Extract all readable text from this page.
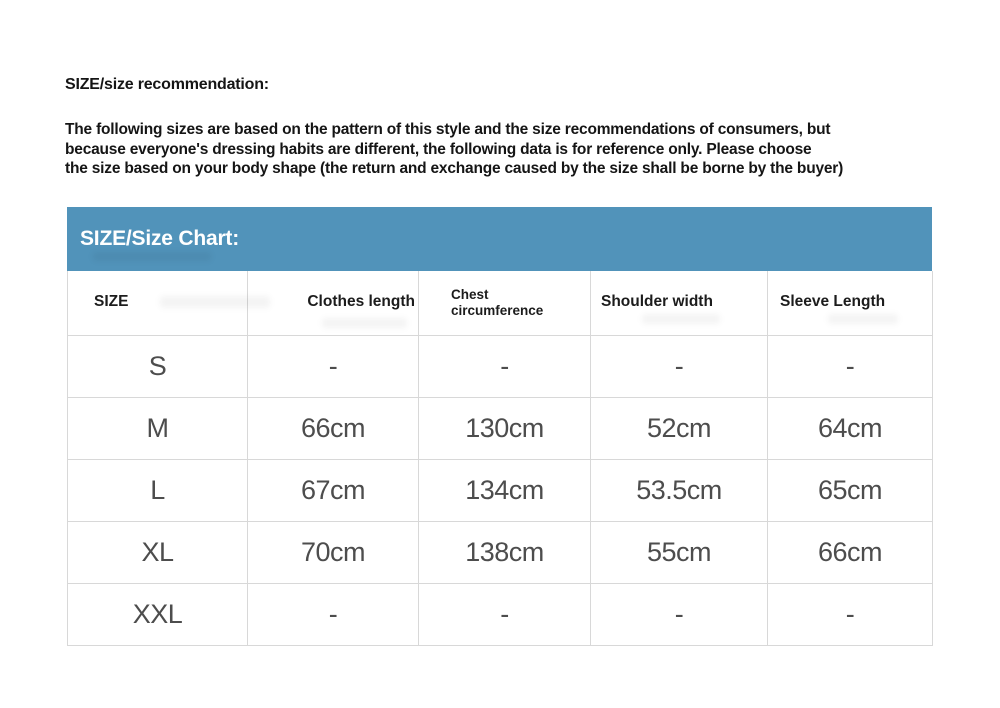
SIZE/size recommendation:
The following sizes are based on the pattern of this style and the size recommendations of consumers, but
because everyone's dressing habits are different, the following data is for reference only. Please choose
the size based on your body shape (the return and exchange caused by the size shall be borne by the buyer)
SIZE/Size Chart:
SIZE	Clothes length	Chest circumference	Shoulder width	Sleeve Length
S	-	-	-	-
M	66cm	130cm	52cm	64cm
L	67cm	134cm	53.5cm	65cm
XL	70cm	138cm	55cm	66cm
XXL	-	-	-	-
